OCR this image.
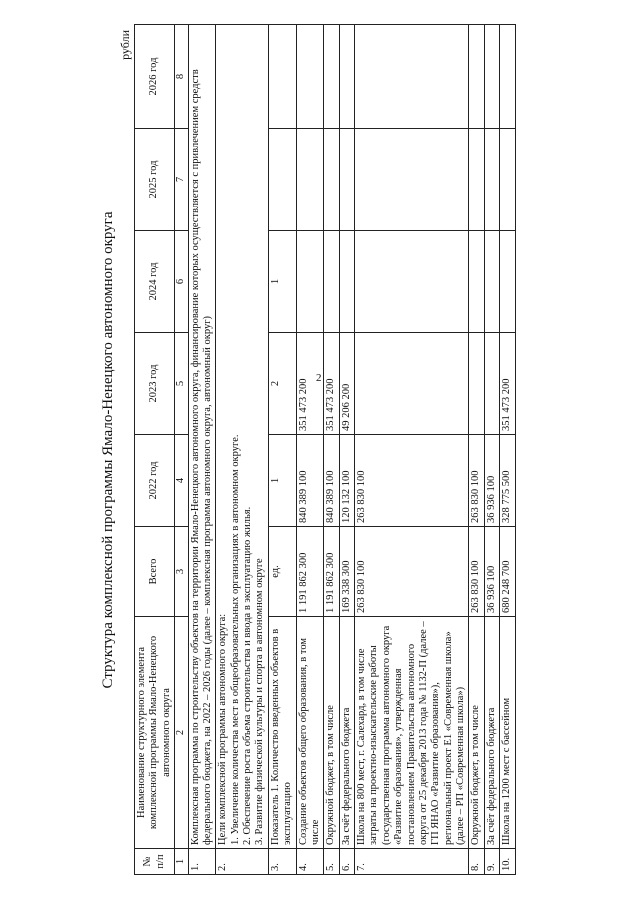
2
Структура комплексной программы Ямало-Ненецкого автономного округа
рубли
№ п/п	Наименование структурного элемента комплексной программы Ямало-Ненецкого автономного округа	Всего	2022 год	2023 год	2024 год	2025 год	2026 год
1	2	3	4	5	6	7	8
1.	Комплексная программа по строительству объектов на территории Ямало-Ненецкого автономного округа, финансирование которых осуществляется с привлечением средств федерального бюджета, на 2022 – 2026 годы (далее – комплексная программа автономного округа, автономный округ)						
2.	Цели комплексной программы автономного округа: 1. Увеличение количества мест в общеобразовательных организациях в автономном округе. 2. Обеспечение роста объема строительства и ввода в эксплуатацию жилья. 3. Развитие физической культуры и спорта в автономном округе						

3.	Показатель 1. Количество введенных объектов в эксплуатацию	ед.	1	2	1		
4.	Создание объектов общего образования, в том числе	1 191 862 300	840 389 100	351 473 200			
5.	Окружной бюджет, в том числе	1 191 862 300	840 389 100	351 473 200			
6.	За счёт федерального бюджета	169 338 300	120 132 100	49 206 200			
7.	Школа на 800 мест, г. Салехард, в том числе затраты на проектно-изыскательские работы (государственная программа автономного округа «Развитие образования», утвержденная постановлением Правительства автономного округа от 25 декабря 2013 года № 1132-П (далее – ГП ЯНАО «Развитие образования»), региональный проект Е1 «Современная школа» (далее – РП «Современная школа»)	263 830 100	263 830 100				
8.	Окружной бюджет, в том числе	263 830 100	263 830 100				
9.	За счёт федерального бюджета	36 936 100	36 936 100				
10.	Школа на 1200 мест с бассейном	680 248 700	328 775 500	351 473 200			
